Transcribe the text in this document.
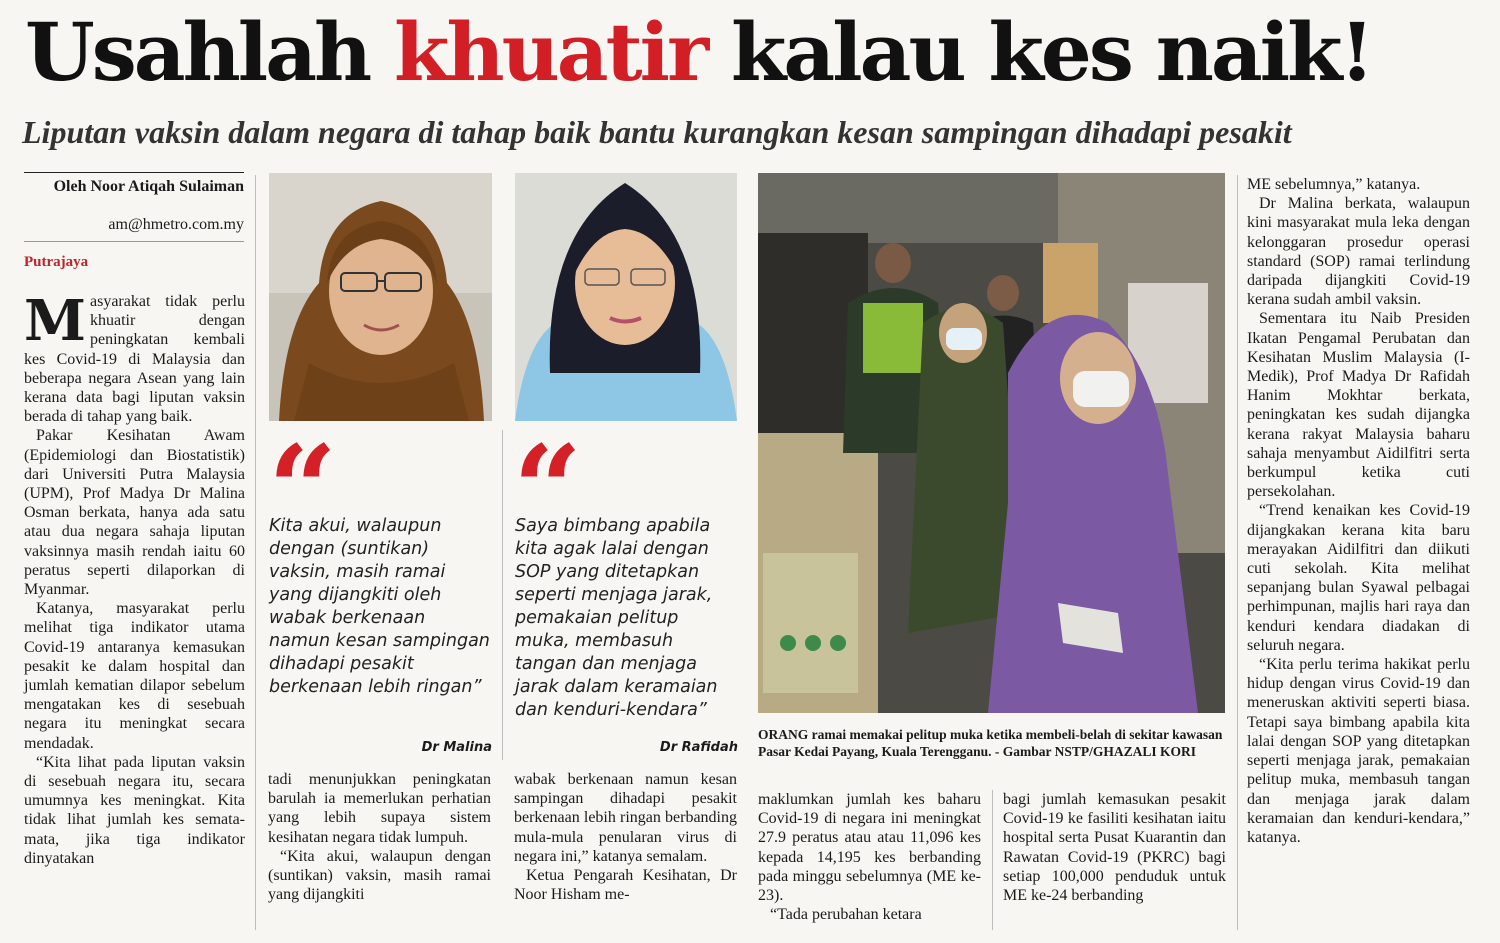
Usahlah khuatir kalau kes naik!
Liputan vaksin dalam negara di tahap baik bantu kurangkan kesan sampingan dihadapi pesakit
Oleh Noor Atiqah Sulaiman
am@hmetro.com.my
Putrajaya

Masyarakat tidak perlu khuatir dengan peningkatan kembali kes Covid-19 di Malaysia dan beberapa negara Asean yang lain kerana data bagi liputan vaksin berada di tahap yang baik.

Pakar Kesihatan Awam (Epidemiologi dan Biostatistik) dari Universiti Putra Malaysia (UPM), Prof Madya Dr Malina Osman berkata, hanya ada satu atau dua negara sahaja liputan vaksinnya masih rendah iaitu 60 peratus seperti dilaporkan di Myanmar.

Katanya, masyarakat perlu melihat tiga indikator utama Covid-19 antaranya kemasukan pesakit ke dalam hospital dan jumlah kematian dilapor sebelum mengatakan kes di sesebuah negara itu meningkat secara mendadak.

“Kita lihat pada liputan vaksin di sesebuah negara itu, secara umumnya kes meningkat. Kita tidak lihat jumlah kes semata-mata, jika tiga indikator dinyatakan

Kita akui, walaupun dengan (suntikan) vaksin, masih ramai yang dijangkiti oleh wabak berkenaan namun kesan sampingan dihadapi pesakit berkenaan lebih ringan”
Dr Malina
Saya bimbang apabila kita agak lalai dengan SOP yang ditetapkan seperti menjaga jarak, pemakaian pelitup muka, membasuh tangan dan menjaga jarak dalam keramaian dan kenduri-kendara”
Dr Rafidah

tadi menunjukkan peningkatan barulah ia memerlukan perhatian yang lebih supaya sistem kesihatan negara tidak lumpuh.

“Kita akui, walaupun dengan (suntikan) vaksin, masih ramai yang dijangkiti

wabak berkenaan namun kesan sampingan dihadapi pesakit berkenaan lebih ringan berbanding mula-mula penularan virus di negara ini,” katanya semalam.

Ketua Pengarah Kesihatan, Dr Noor Hisham me-

ORANG ramai memakai pelitup muka ketika membeli-belah di sekitar kawasan Pasar Kedai Payang, Kuala Terengganu. - Gambar NSTP/GHAZALI KORI

maklumkan jumlah kes baharu Covid-19 di negara ini meningkat 27.9 peratus atau atau 11,096 kes kepada 14,195 kes berbanding pada minggu sebelumnya (ME ke-23).

“Tada perubahan ketara

bagi jumlah kemasukan pesakit Covid-19 ke fasiliti kesihatan iaitu hospital serta Pusat Kuarantin dan Rawatan Covid-19 (PKRC) bagi setiap 100,000 penduduk untuk ME ke-24 berbanding

ME sebelumnya,” katanya.

Dr Malina berkata, walaupun kini masyarakat mula leka dengan kelonggaran prosedur operasi standard (SOP) ramai terlindung daripada dijangkiti Covid-19 kerana sudah ambil vaksin.

Sementara itu Naib Presiden Ikatan Pengamal Perubatan dan Kesihatan Muslim Malaysia (I-Medik), Prof Madya Dr Rafidah Hanim Mokhtar berkata, peningkatan kes sudah dijangka kerana rakyat Malaysia baharu sahaja menyambut Aidilfitri serta berkumpul ketika cuti persekolahan.

“Trend kenaikan kes Covid-19 dijangkakan kerana kita baru merayakan Aidilfitri dan diikuti cuti sekolah. Kita melihat sepanjang bulan Syawal pelbagai perhimpunan, majlis hari raya dan kenduri kendara diadakan di seluruh negara.

“Kita perlu terima hakikat perlu hidup dengan virus Covid-19 dan meneruskan aktiviti seperti biasa. Tetapi saya bimbang apabila kita lalai dengan SOP yang ditetapkan seperti menjaga jarak, pemakaian pelitup muka, membasuh tangan dan menjaga jarak dalam keramaian dan kenduri-kendara,” katanya.
